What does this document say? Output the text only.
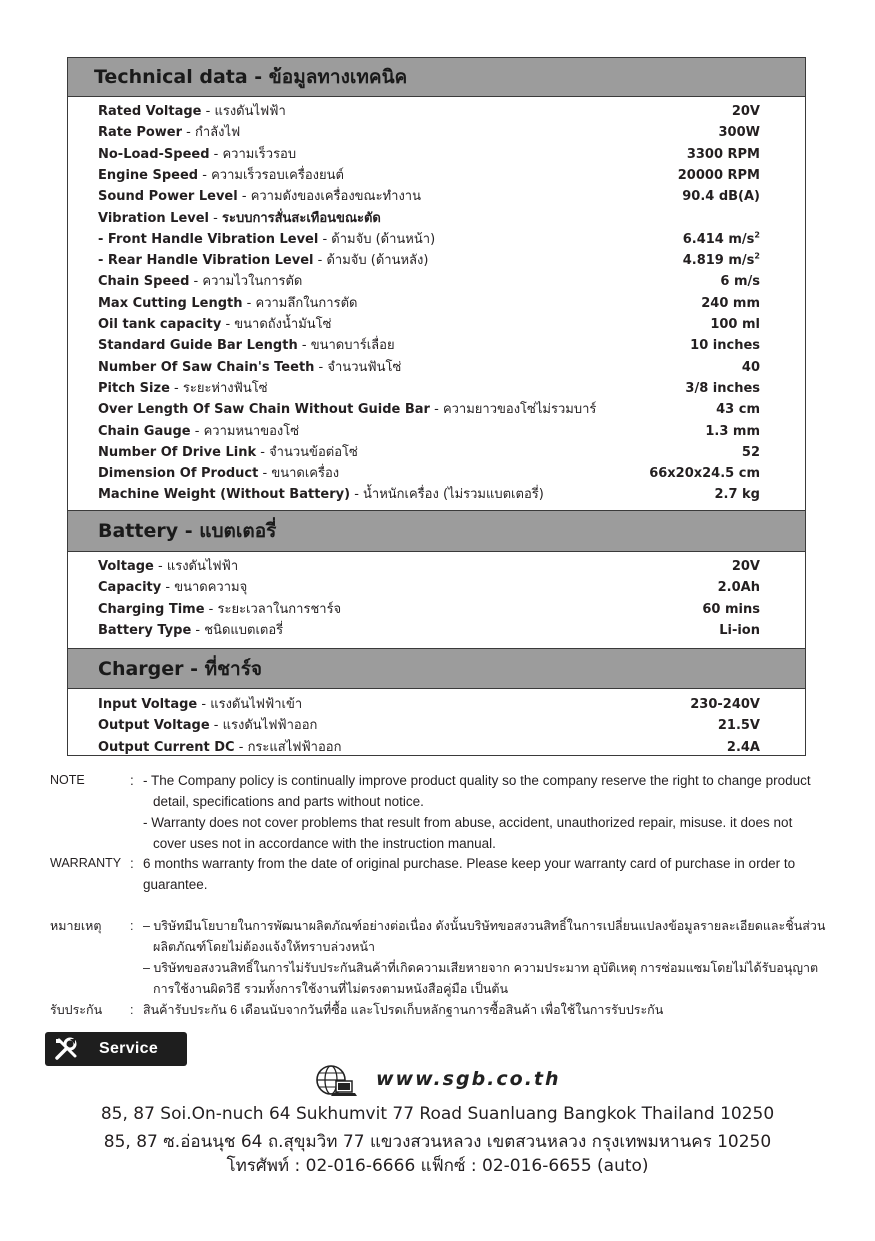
Technical data - ข้อมูลทางเทคนิค
Rated Voltage - แรงดันไฟฟ้า	20V
Rate Power - กำลังไฟ	300W
No-Load-Speed - ความเร็วรอบ	3300 RPM
Engine Speed - ความเร็วรอบเครื่องยนต์	20000 RPM
Sound Power Level - ความดังของเครื่องขณะทำงาน	90.4 dB(A)
Vibration Level - ระบบการสั่นสะเทือนขณะตัด
- Front Handle Vibration Level - ด้ามจับ (ด้านหน้า)	6.414 $m/s^2$
- Rear Handle Vibration Level - ด้ามจับ (ด้านหลัง)	4.819 $m/s^2$
Chain Speed - ความไวในการตัด	6 m/s
Max Cutting Length - ความลึกในการตัด	240 mm
Oil tank capacity - ขนาดถังน้ำมันโซ่	100 ml
Standard Guide Bar Length - ขนาดบาร์เลื่อย	10 inches
Number Of Saw Chain's Teeth - จำนวนฟันโซ่	40
Pitch Size - ระยะห่างฟันโซ่	3/8 inches
Over Length Of Saw Chain Without Guide Bar - ความยาวของโซ่ไม่รวมบาร์	43 cm
Chain Gauge - ความหนาของโซ่	1.3 mm
Number Of Drive Link - จำนวนข้อต่อโซ่	52
Dimension Of Product - ขนาดเครื่อง	66x20x24.5 cm
Machine Weight (Without Battery) - น้ำหนักเครื่อง (ไม่รวมแบตเตอรี่)	2.7 kg
Battery - แบตเตอรี่
Voltage - แรงดันไฟฟ้า	20V
Capacity - ขนาดความจุ	2.0Ah
Charging Time - ระยะเวลาในการชาร์จ	60 mins
Battery Type - ชนิดแบตเตอรี่	Li-ion
Charger - ที่ชาร์จ
Input Voltage - แรงดันไฟฟ้าเข้า	230-240V
Output Voltage - แรงดันไฟฟ้าออก	21.5V
Output Current DC - กระแสไฟฟ้าออก	2.4A
NOTE	: - The Company policy is continually improve product quality so the company reserve the right to change product
detail, specifications and parts without notice.
- Warranty does not cover problems that result from abuse, accident, unauthorized repair, misuse. it does not
cover uses not in accordance with the instruction manual.
WARRANTY : 6 months warranty from the date of original purchase. Please keep your warranty card of purchase in order to
guarantee.
หมายเหตุ : – บริษัทมีนโยบายในการพัฒนาผลิตภัณฑ์อย่างต่อเนื่อง ดังนั้นบริษัทขอสงวนสิทธิ์ในการเปลี่ยนแปลงข้อมูลรายละเอียดและชิ้นส่วน
ผลิตภัณฑ์โดยไม่ต้องแจ้งให้ทราบล่วงหน้า
– บริษัทขอสงวนสิทธิ์ในการไม่รับประกันสินค้าที่เกิดความเสียหายจาก ความประมาท อุบัติเหตุ การซ่อมแซมโดยไม่ได้รับอนุญาต
การใช้งานผิดวิธี รวมทั้งการใช้งานที่ไม่ตรงตามหนังสือคู่มือ เป็นต้น
รับประกัน : สินค้ารับประกัน 6 เดือนนับจากวันที่ซื้อ และโปรดเก็บหลักฐานการซื้อสินค้า เพื่อใช้ในการรับประกัน
Service
www.sgb.co.th
85, 87 Soi.On-nuch 64 Sukhumvit 77 Road Suanluang Bangkok Thailand 10250
85, 87 ซ.อ่อนนุช 64 ถ.สุขุมวิท 77 แขวงสวนหลวง เขตสวนหลวง กรุงเทพมหานคร 10250
โทรศัพท์ : 02-016-6666 แฟ็กซ์ : 02-016-6655 (auto)
